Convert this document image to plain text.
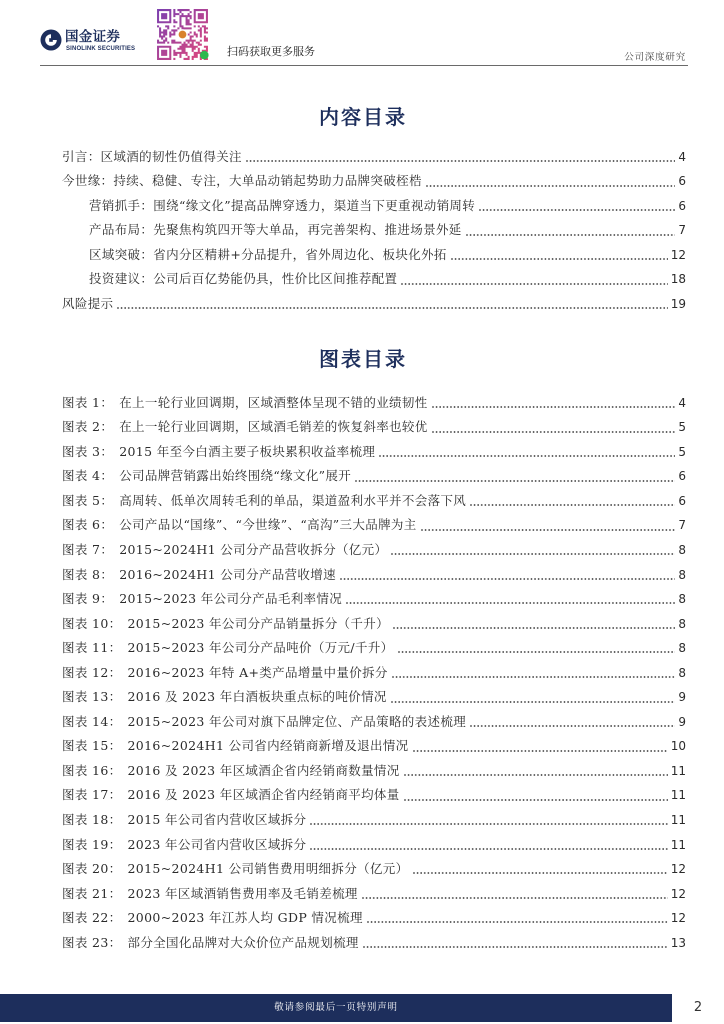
国金证券
SINOLINK SECURITIES	扫码获取更多服务	公司深度研究
内容目录
引言：区域酒的韧性仍值得关注	4
今世缘：持续、稳健、专注，大单品动销起势助力品牌突破桎梏	6
营销抓手：围绕“缘文化”提高品牌穿透力，渠道当下更重视动销周转	6
产品布局：先聚焦构筑四开等大单品，再完善架构、推进场景外延	7
区域突破：省内分区精耕+分品提升，省外周边化、板块化外拓	12
投资建议：公司后百亿势能仍具，性价比区间推荐配置	18
风险提示	19
图表目录
图表 1： 在上一轮行业回调期，区域酒整体呈现不错的业绩韧性	4
图表 2： 在上一轮行业回调期，区域酒毛销差的恢复斜率也较优	5
图表 3： 2015 年至今白酒主要子板块累积收益率梳理	5
图表 4： 公司品牌营销露出始终围绕“缘文化”展开	6
图表 5： 高周转、低单次周转毛利的单品，渠道盈利水平并不会落下风	6
图表 6： 公司产品以“国缘”、“今世缘”、“高沟”三大品牌为主	7
图表 7： 2015~2024H1 公司分产品营收拆分（亿元）	8
图表 8： 2016~2024H1 公司分产品营收增速	8
图表 9： 2015~2023 年公司分产品毛利率情况	8
图表 10： 2015~2023 年公司分产品销量拆分（千升）	8
图表 11： 2015~2023 年公司分产品吨价（万元/千升）	8
图表 12： 2016~2023 年特 A+类产品增量中量价拆分	8
图表 13： 2016 及 2023 年白酒板块重点标的吨价情况	9
图表 14： 2015~2023 年公司对旗下品牌定位、产品策略的表述梳理	9
图表 15： 2016~2024H1 公司省内经销商新增及退出情况	10
图表 16： 2016 及 2023 年区域酒企省内经销商数量情况	11
图表 17： 2016 及 2023 年区域酒企省内经销商平均体量	11
图表 18： 2015 年公司省内营收区域拆分	11
图表 19： 2023 年公司省内营收区域拆分	11
图表 20： 2015~2024H1 公司销售费用明细拆分（亿元）	12
图表 21： 2023 年区域酒销售费用率及毛销差梳理	12
图表 22： 2000~2023 年江苏人均 GDP 情况梳理	12
图表 23： 部分全国化品牌对大众价位产品规划梳理	13
敬请参阅最后一页特别声明	2
